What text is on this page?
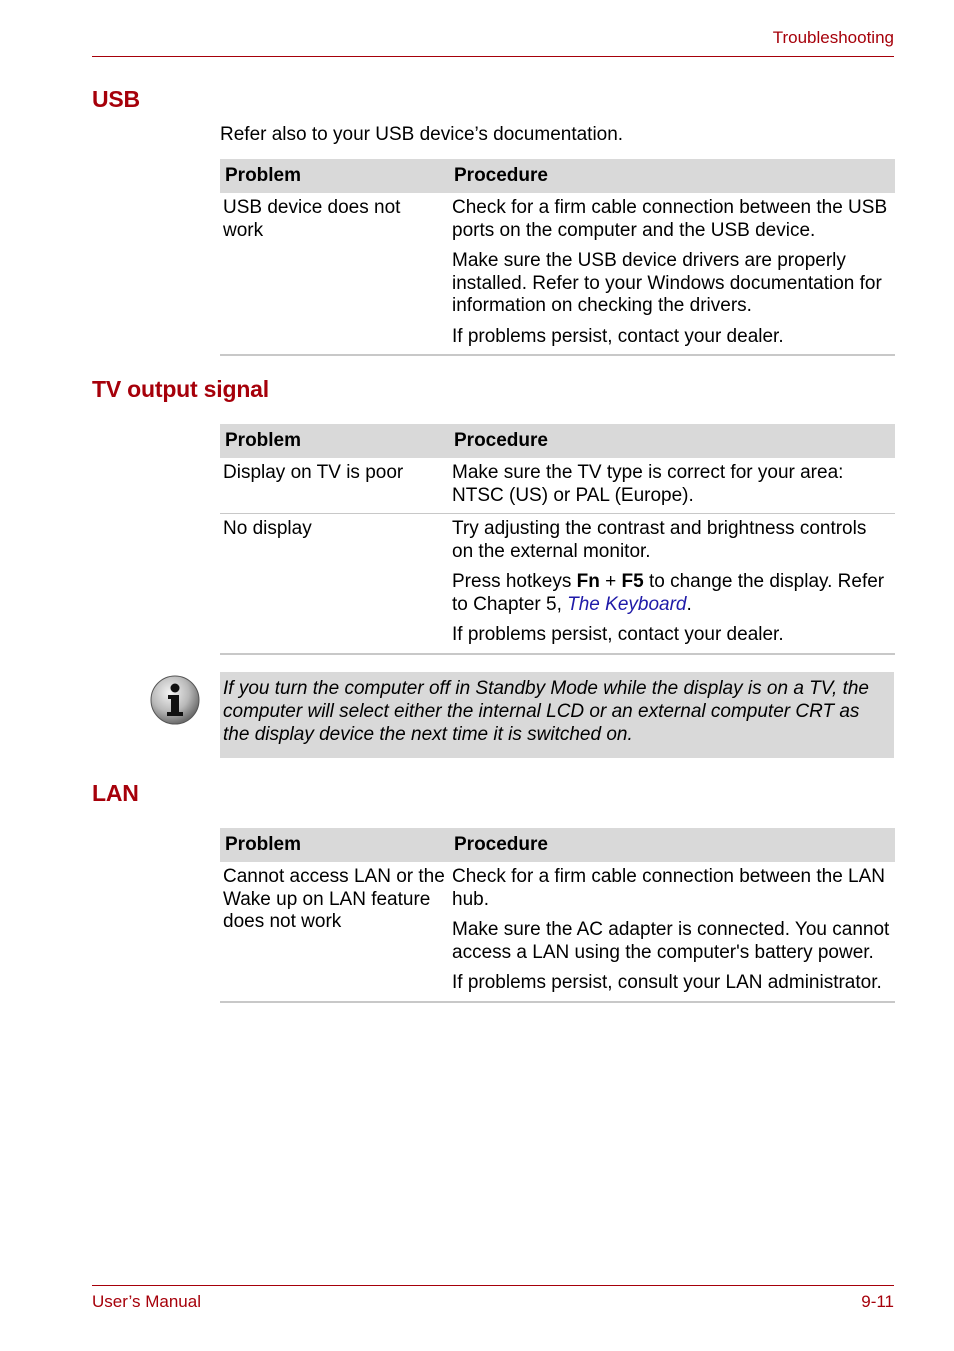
Troubleshooting
USB
Refer also to your USB device’s documentation.
Problem	Procedure
USB device does not work	Check for a firm cable connection between the USB ports on the computer and the USB device.

Make sure the USB device drivers are properly installed. Refer to your Windows documentation for information on checking the drivers.

If problems persist, contact your dealer.

TV output signal
Problem	Procedure
Display on TV is poor	Make sure the TV type is correct for your area: NTSC (US) or PAL (Europe).

No display	Try adjusting the contrast and brightness controls on the external monitor.

Press hotkeys Fn + F5 to change the display. Refer to Chapter 5, The Keyboard.

If problems persist, contact your dealer.

If you turn the computer off in Standby Mode while the display is on a TV, the computer will select either the internal LCD or an external computer CRT as the display device the next time it is switched on.
LAN
Problem	Procedure
Cannot access LAN or the Wake up on LAN feature does not work	Check for a firm cable connection between the LAN hub.

Make sure the AC adapter is connected. You cannot access a LAN using the computer's battery power.

If problems persist, consult your LAN administrator.

User’s Manual	9-11
